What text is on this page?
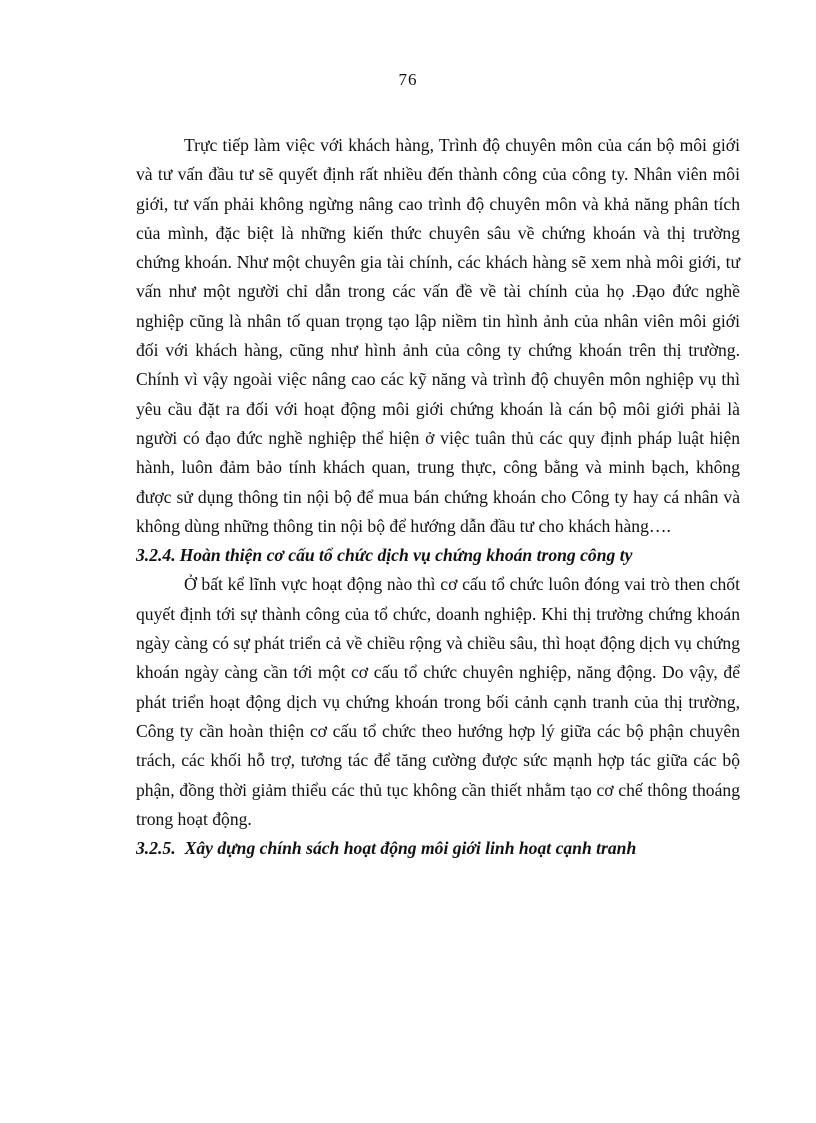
76

Trực tiếp làm việc với khách hàng, Trình độ chuyên môn của cán bộ môi giới và tư vấn đầu tư sẽ quyết định rất nhiều đến thành công của công ty. Nhân viên môi giới, tư vấn phải không ngừng nâng cao trình độ chuyên môn và khả năng phân tích của mình, đặc biệt là những kiến thức chuyên sâu về chứng khoán và thị trường chứng khoán. Như một chuyên gia tài chính, các khách hàng sẽ xem nhà môi giới, tư vấn như một người chỉ dẫn trong các vấn đề về tài chính của họ .Đạo đức nghề nghiệp cũng là nhân tố quan trọng tạo lập niềm tin hình ảnh của nhân viên môi giới đối với khách hàng, cũng như hình ảnh của công ty chứng khoán trên thị trường. Chính vì vậy ngoài việc nâng cao các kỹ năng và trình độ chuyên môn nghiệp vụ thì yêu cầu đặt ra đối với hoạt động môi giới chứng khoán là cán bộ môi giới phải là người có đạo đức nghề nghiệp thể hiện ở việc tuân thủ các quy định pháp luật hiện hành, luôn đảm bảo tính khách quan, trung thực, công bằng và minh bạch, không được sử dụng thông tin nội bộ để mua bán chứng khoán cho Công ty hay cá nhân và không dùng những thông tin nội bộ để hướng dẫn đầu tư cho khách hàng….

3.2.4. Hoàn thiện cơ cấu tổ chức dịch vụ chứng khoán trong công ty

Ở bất kể lĩnh vực hoạt động nào thì cơ cấu tổ chức luôn đóng vai trò then chốt quyết định tới sự thành công của tổ chức, doanh nghiệp. Khi thị trường chứng khoán ngày càng có sự phát triển cả về chiều rộng và chiều sâu, thì hoạt động dịch vụ chứng khoán ngày càng cần tới một cơ cấu tổ chức chuyên nghiệp, năng động. Do vậy, để phát triển hoạt động dịch vụ chứng khoán trong bối cảnh cạnh tranh của thị trường, Công ty cần hoàn thiện cơ cấu tổ chức theo hướng hợp lý giữa các bộ phận chuyên trách, các khối hỗ trợ, tương tác để tăng cường được sức mạnh hợp tác giữa các bộ phận, đồng thời giảm thiểu các thủ tục không cần thiết nhằm tạo cơ chế thông thoáng trong hoạt động.

3.2.5. Xây dựng chính sách hoạt động môi giới linh hoạt cạnh tranh
